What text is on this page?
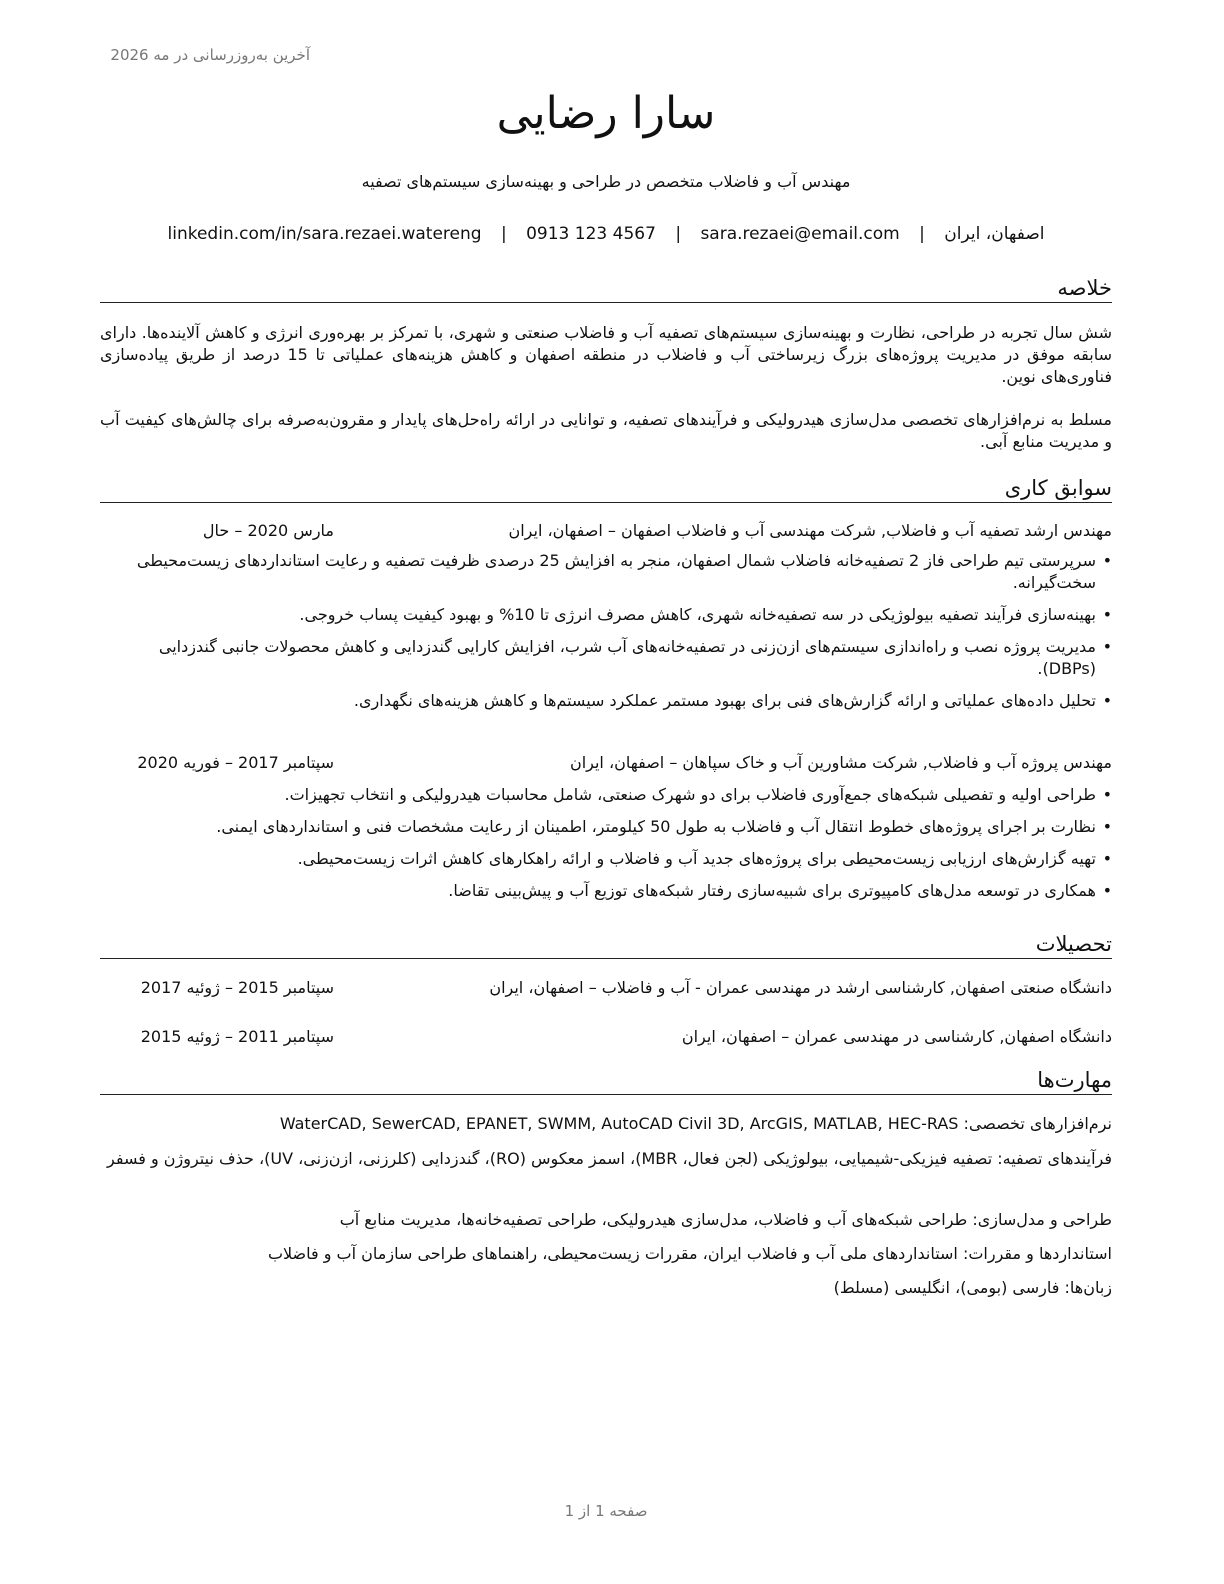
آخرین به‌روزرسانی در مه 2026
سارا رضایی
مهندس آب و فاضلاب متخصص در طراحی و بهینه‌سازی سیستم‌های تصفیه
اصفهان، ایران | sara.rezaei@email.com | 0913 123 4567 | linkedin.com/in/sara.rezaei.watereng
خلاصه

شش سال تجربه در طراحی، نظارت و بهینه‌سازی سیستم‌های تصفیه آب و فاضلاب صنعتی و شهری، با تمرکز بر بهره‌وری انرژی و کاهش آلاینده‌ها. دارای سابقه موفق در مدیریت پروژه‌های بزرگ زیرساختی آب و فاضلاب در منطقه اصفهان و کاهش هزینه‌های عملیاتی تا 15 درصد از طریق پیاده‌سازی فناوری‌های نوین.

مسلط به نرم‌افزارهای تخصصی مدل‌سازی هیدرولیکی و فرآیندهای تصفیه، و توانایی در ارائه راه‌حل‌های پایدار و مقرون‌به‌صرفه برای چالش‌های کیفیت آب و مدیریت منابع آبی.

سوابق کاری
مهندس ارشد تصفیه آب و فاضلاب, شرکت مهندسی آب و فاضلاب اصفهان – اصفهان، ایران
مارس 2020 – حال
•
سرپرستی تیم طراحی فاز 2 تصفیه‌خانه فاضلاب شمال اصفهان، منجر به افزایش 25 درصدی ظرفیت تصفیه و رعایت استانداردهای زیست‌محیطی سخت‌گیرانه.
•
بهینه‌سازی فرآیند تصفیه بیولوژیکی در سه تصفیه‌خانه شهری، کاهش مصرف انرژی تا 10% و بهبود کیفیت پساب خروجی.
•
مدیریت پروژه نصب و راه‌اندازی سیستم‌های ازن‌زنی در تصفیه‌خانه‌های آب شرب، افزایش کارایی گندزدایی و کاهش محصولات جانبی گندزدایی (DBPs).
•
تحلیل داده‌های عملیاتی و ارائه گزارش‌های فنی برای بهبود مستمر عملکرد سیستم‌ها و کاهش هزینه‌های نگهداری.
مهندس پروژه آب و فاضلاب, شرکت مشاورین آب و خاک سپاهان – اصفهان، ایران
سپتامبر 2017 – فوریه 2020
•
طراحی اولیه و تفصیلی شبکه‌های جمع‌آوری فاضلاب برای دو شهرک صنعتی، شامل محاسبات هیدرولیکی و انتخاب تجهیزات.
•
نظارت بر اجرای پروژه‌های خطوط انتقال آب و فاضلاب به طول 50 کیلومتر، اطمینان از رعایت مشخصات فنی و استانداردهای ایمنی.
•
تهیه گزارش‌های ارزیابی زیست‌محیطی برای پروژه‌های جدید آب و فاضلاب و ارائه راهکارهای کاهش اثرات زیست‌محیطی.
•
همکاری در توسعه مدل‌های کامپیوتری برای شبیه‌سازی رفتار شبکه‌های توزیع آب و پیش‌بینی تقاضا.
تحصیلات
دانشگاه صنعتی اصفهان, کارشناسی ارشد در مهندسی عمران - آب و فاضلاب – اصفهان، ایران
سپتامبر 2015 – ژوئیه 2017
دانشگاه اصفهان, کارشناسی در مهندسی عمران – اصفهان، ایران
سپتامبر 2011 – ژوئیه 2015
مهارت‌ها

نرم‌افزارهای تخصصی: WaterCAD, SewerCAD, EPANET, SWMM, AutoCAD Civil 3D, ArcGIS, MATLAB, HEC-RAS

فرآیندهای تصفیه: تصفیه فیزیکی-شیمیایی، بیولوژیکی (لجن فعال، MBR)، اسمز معکوس (RO)، گندزدایی (کلرزنی، ازن‌زنی، UV)، حذف نیتروژن و فسفر

طراحی و مدل‌سازی: طراحی شبکه‌های آب و فاضلاب، مدل‌سازی هیدرولیکی، طراحی تصفیه‌خانه‌ها، مدیریت منابع آب

استانداردها و مقررات: استانداردهای ملی آب و فاضلاب ایران، مقررات زیست‌محیطی، راهنماهای طراحی سازمان آب و فاضلاب

زبان‌ها: فارسی (بومی)، انگلیسی (مسلط)

صفحه 1 از 1
